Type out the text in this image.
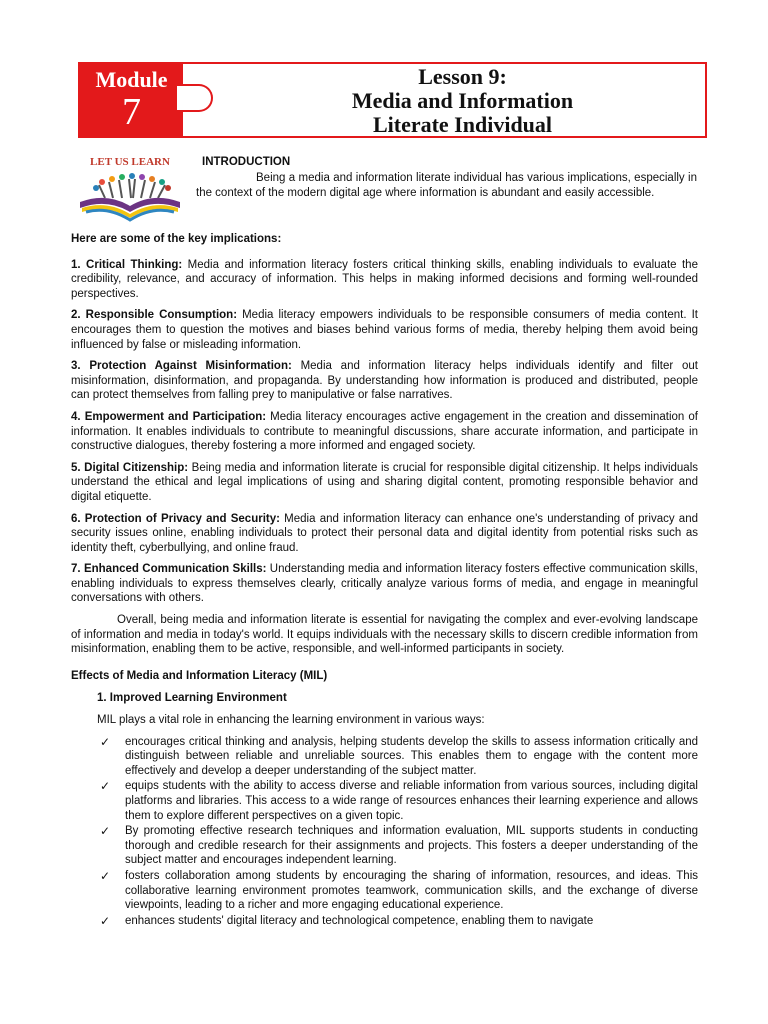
Module
7
Lesson 9:
Media and Information
Literate Individual
LET US LEARN	INTRODUCTION
Being a media and information literate individual has various implications, especially in the context of the modern digital age where information is abundant and easily accessible.

Here are some of the key implications:

1. Critical Thinking: Media and information literacy fosters critical thinking skills, enabling individuals to evaluate the credibility, relevance, and accuracy of information. This helps in making informed decisions and forming well-rounded perspectives.

2. Responsible Consumption: Media literacy empowers individuals to be responsible consumers of media content. It encourages them to question the motives and biases behind various forms of media, thereby helping them avoid being influenced by false or misleading information.

3. Protection Against Misinformation: Media and information literacy helps individuals identify and filter out misinformation, disinformation, and propaganda. By understanding how information is produced and distributed, people can protect themselves from falling prey to manipulative or false narratives.

4. Empowerment and Participation: Media literacy encourages active engagement in the creation and dissemination of information. It enables individuals to contribute to meaningful discussions, share accurate information, and participate in constructive dialogues, thereby fostering a more informed and engaged society.

5. Digital Citizenship: Being media and information literate is crucial for responsible digital citizenship. It helps individuals understand the ethical and legal implications of using and sharing digital content, promoting responsible behavior and digital etiquette.

6. Protection of Privacy and Security: Media and information literacy can enhance one's understanding of privacy and security issues online, enabling individuals to protect their personal data and digital identity from potential risks such as identity theft, cyberbullying, and online fraud.

7. Enhanced Communication Skills: Understanding media and information literacy fosters effective communication skills, enabling individuals to express themselves clearly, critically analyze various forms of media, and engage in meaningful conversations with others.

Overall, being media and information literate is essential for navigating the complex and ever-evolving landscape of information and media in today's world. It equips individuals with the necessary skills to discern credible information from misinformation, enabling them to be active, responsible, and well-informed participants in society.

Effects of Media and Information Literacy (MIL)

1. Improved Learning Environment

MIL plays a vital role in enhancing the learning environment in various ways:

✓ encourages critical thinking and analysis, helping students develop the skills to assess information critically and distinguish between reliable and unreliable sources. This enables them to engage with the content more effectively and develop a deeper understanding of the subject matter.
✓ equips students with the ability to access diverse and reliable information from various sources, including digital platforms and libraries. This access to a wide range of resources enhances their learning experience and allows them to explore different perspectives on a given topic.
✓ By promoting effective research techniques and information evaluation, MIL supports students in conducting thorough and credible research for their assignments and projects. This fosters a deeper understanding of the subject matter and encourages independent learning.
✓ fosters collaboration among students by encouraging the sharing of information, resources, and ideas. This collaborative learning environment promotes teamwork, communication skills, and the exchange of diverse viewpoints, leading to a richer and more engaging educational experience.
✓ enhances students' digital literacy and technological competence, enabling them to navigate
